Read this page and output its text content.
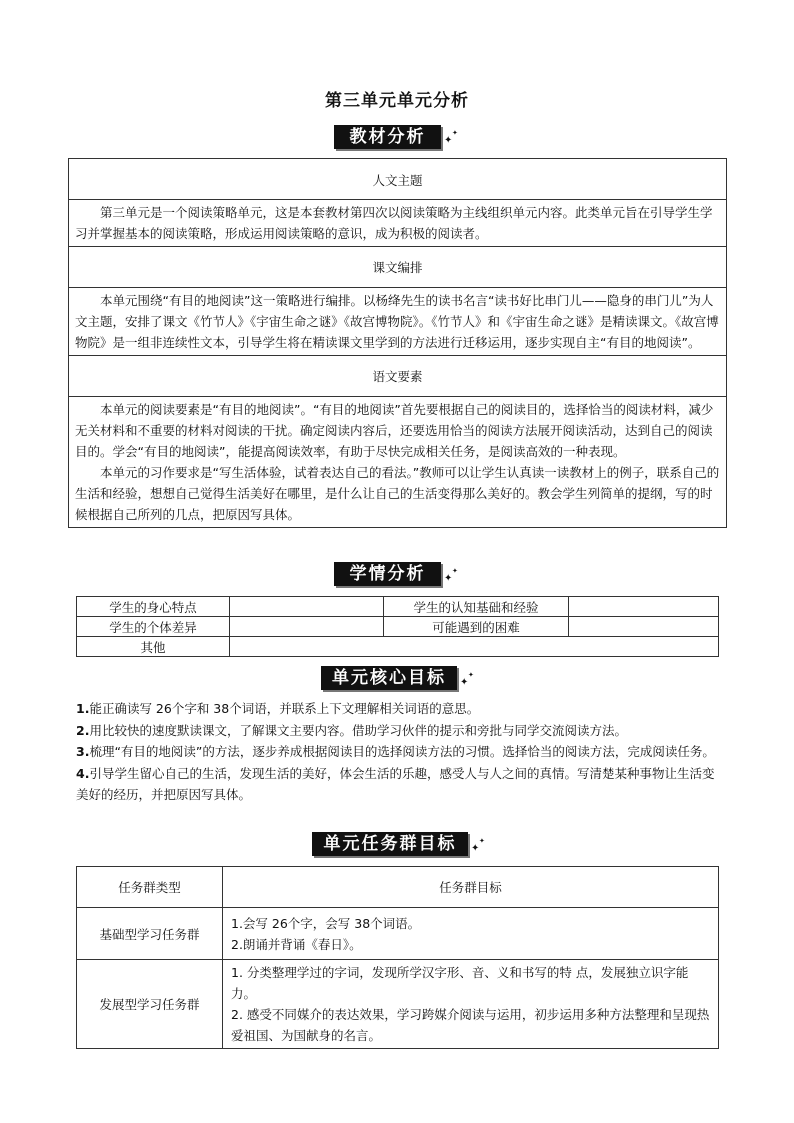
第三单元单元分析
教材分析	✦
✦
人文主题

第三单元是一个阅读策略单元，这是本套教材第四次以阅读策略为主线组织单元内容。此类单元旨在引导学生学习并掌握基本的阅读策略，形成运用阅读策略的意识，成为积极的阅读者。

课文编排

本单元围绕“有目的地阅读”这一策略进行编排。以杨绛先生的读书名言“读书好比串门儿——隐身的串门儿”为人文主题，安排了课文《竹节人》《宇宙生命之谜》《故宫博物院》。《竹节人》和《宇宙生命之谜》是精读课文。《故宫博物院》是一组非连续性文本，引导学生将在精读课文里学到的方法进行迁移运用，逐步实现自主“有目的地阅读”。

语文要素

本单元的阅读要素是“有目的地阅读”。“有目的地阅读”首先要根据自己的阅读目的，选择恰当的阅读材料，减少无关材料和不重要的材料对阅读的干扰。确定阅读内容后，还要选用恰当的阅读方法展开阅读活动，达到自己的阅读目的。学会“有目的地阅读”，能提高阅读效率，有助于尽快完成相关任务，是阅读高效的一种表现。

本单元的习作要求是“写生活体验，试着表达自己的看法。”教师可以让学生认真读一读教材上的例子，联系自己的生活和经验，想想自己觉得生活美好在哪里，是什么让自己的生活变得那么美好的。教会学生列简单的提纲，写的时候根据自己所列的几点，把原因写具体。

学情分析	✦
✦
学生的身心特点		学生的认知基础和经验	
学生的个体差异		可能遇到的困难	
其他			
单元核心目标	✦
✦

1.能正确读写 26个字和 38个词语，并联系上下文理解相关词语的意思。

2.用比较快的速度默读课文，了解课文主要内容。借助学习伙伴的提示和旁批与同学交流阅读方法。

3.梳理“有目的地阅读”的方法，逐步养成根据阅读目的选择阅读方法的习惯。选择恰当的阅读方法，完成阅读任务。

4.引导学生留心自己的生活，发现生活的美好，体会生活的乐趣，感受人与人之间的真情。写清楚某种事物让生活变美好的经历，并把原因写具体。

单元任务群目标	✦
✦
任务群类型	任务群目标
基础型学习任务群	1.会写 26个字，会写 38个词语。

2.朗诵并背诵《春日》。

发展型学习任务群	1. 分类整理学过的字词，发现所学汉字形、音、义和书写的特 点，发展独立识字能力。

2. 感受不同媒介的表达效果，学习跨媒介阅读与运用，初步运用多种方法整理和呈现热爱祖国、为国献身的名言。
